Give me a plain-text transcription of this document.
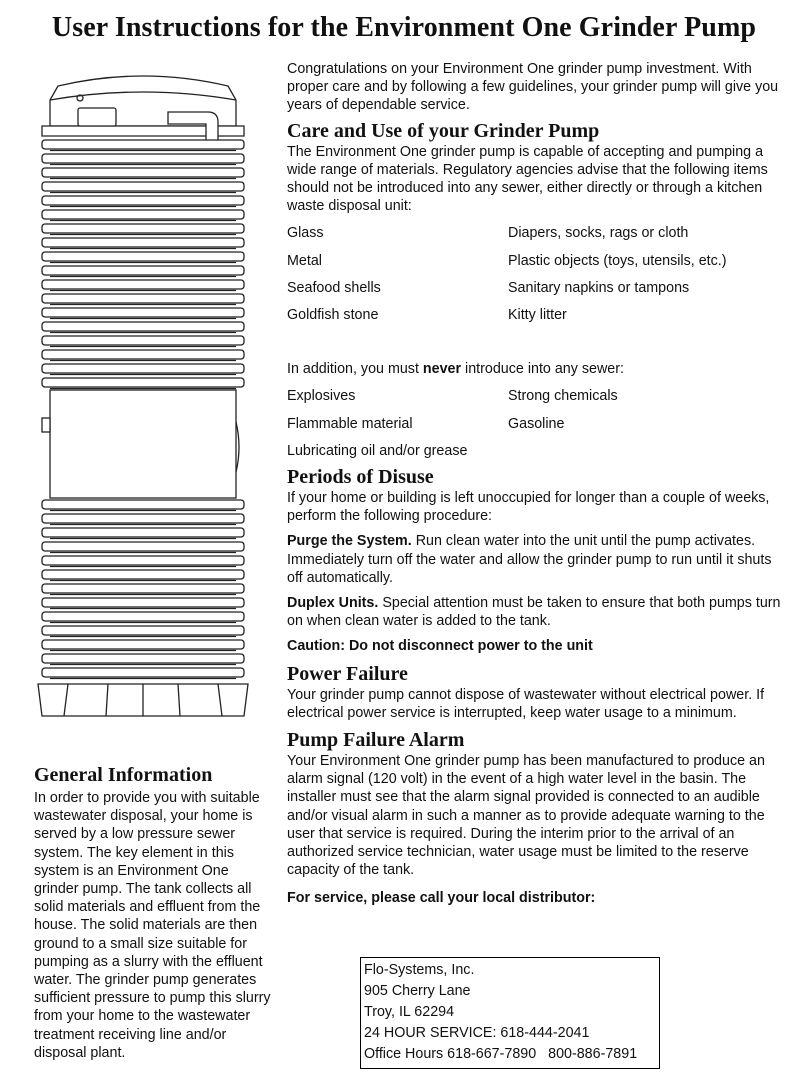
User Instructions for the Environment One Grinder Pump

Congratulations on your Environment One grinder pump investment. With proper care and by following a few guidelines, your grinder pump will give you years of dependable service.

Care and Use of your Grinder Pump

The Environment One grinder pump is capable of accepting and pumping a wide range of materials. Regulatory agencies advise that the following items should not be introduced into any sewer, either directly or through a kitchen waste disposal unit:

Glass	Diapers, socks, rags or cloth
Metal	Plastic objects (toys, utensils, etc.)
Seafood shells	Sanitary napkins or tampons
Goldfish stone	Kitty litter

In addition, you must never introduce into any sewer:

Explosives	Strong chemicals
Flammable material	Gasoline
Lubricating oil and/or grease
Periods of Disuse

If your home or building is left unoccupied for longer than a couple of weeks, perform the following procedure:

Purge the System. Run clean water into the unit until the pump activates. Immediately turn off the water and allow the grinder pump to run until it shuts off automatically.

Duplex Units. Special attention must be taken to ensure that both pumps turn on when clean water is added to the tank.

Caution: Do not disconnect power to the unit

Power Failure

Your grinder pump cannot dispose of wastewater without electrical power. If electrical power service is interrupted, keep water usage to a minimum.

Pump Failure Alarm

Your Environment One grinder pump has been manufactured to produce an alarm signal (120 volt) in the event of a high water level in the basin. The installer must see that the alarm signal provided is connected to an audible and/or visual alarm in such a manner as to provide adequate warning to the user that service is required. During the interim prior to the arrival of an authorized service technician, water usage must be limited to the reserve capacity of the tank.

For service, please call your local distributor:

General Information

In order to provide you with suitable wastewater disposal, your home is served by a low pressure sewer system. The key element in this system is an Environment One grinder pump. The tank collects all solid materials and effluent from the house. The solid materials are then ground to a small size suitable for pumping as a slurry with the effluent water. The grinder pump generates sufficient pressure to pump this slurry from your home to the wastewater treatment receiving line and/or disposal plant.

Flo-Systems, Inc.
905 Cherry Lane
Troy, IL 62294
24 HOUR SERVICE: 618-444-2041
Office Hours 618-667-7890   800-886-7891
